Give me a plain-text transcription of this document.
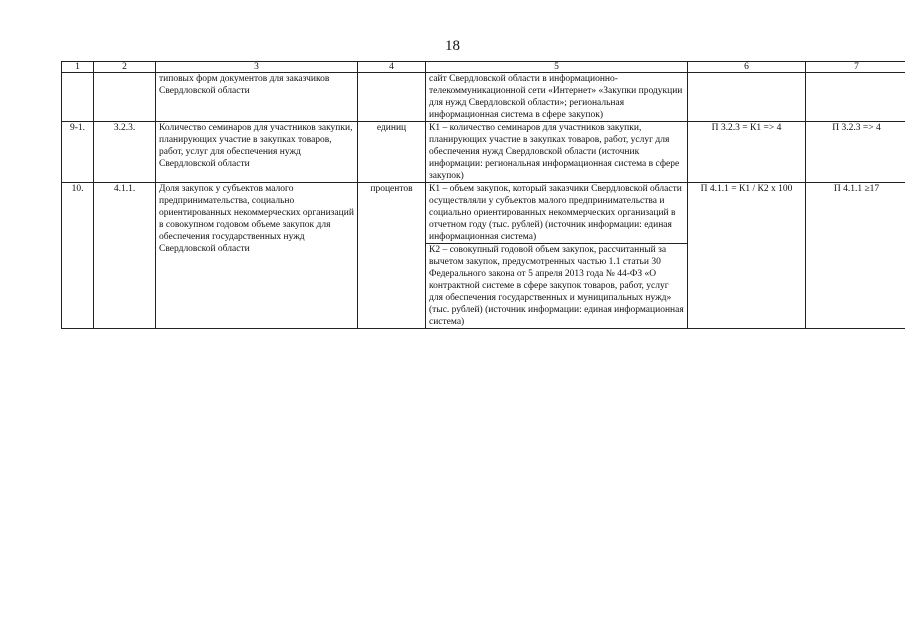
18
1	2	3	4	5	6	7
		типовых форм документов для заказчиков Свердловской области		сайт Свердловской области в информационно-телекоммуникационной сети «Интернет» «Закупки продукции для нужд Свердловской области»; региональная информационная система в сфере закупок)		
9-1.	3.2.3.	Количество семинаров для участников закупки, планирующих участие в закупках товаров, работ, услуг для обеспечения нужд Свердловской области	единиц	К1 – количество семинаров для участников закупки, планирующих участие в закупках товаров, работ, услуг для обеспечения нужд Свердловской области (источник информации: региональная информационная система в сфере закупок)	П 3.2.3 = К1 => 4	П 3.2.3 => 4
10.	4.1.1.	Доля закупок у субъектов малого предпринимательства, социально ориентированных некоммерческих организаций в совокупном годовом объеме закупок для обеспечения государственных нужд Свердловской области	процентов	К1 – объем закупок, который заказчики Свердловской области осуществляли у субъектов малого предпринимательства и социально ориентированных некоммерческих организаций в отчетном году (тыс. рублей) (источник информации: единая информационная система)	П 4.1.1 = К1 / К2 х 100	П 4.1.1 ≥17
				К2 – совокупный годовой объем закупок, рассчитанный за вычетом закупок, предусмотренных частью 1.1 статьи 30 Федерального закона от 5 апреля 2013 года № 44-ФЗ «О контрактной системе в сфере закупок товаров, работ, услуг для обеспечения государственных и муниципальных нужд» (тыс. рублей) (источник информации: единая информационная система)		
